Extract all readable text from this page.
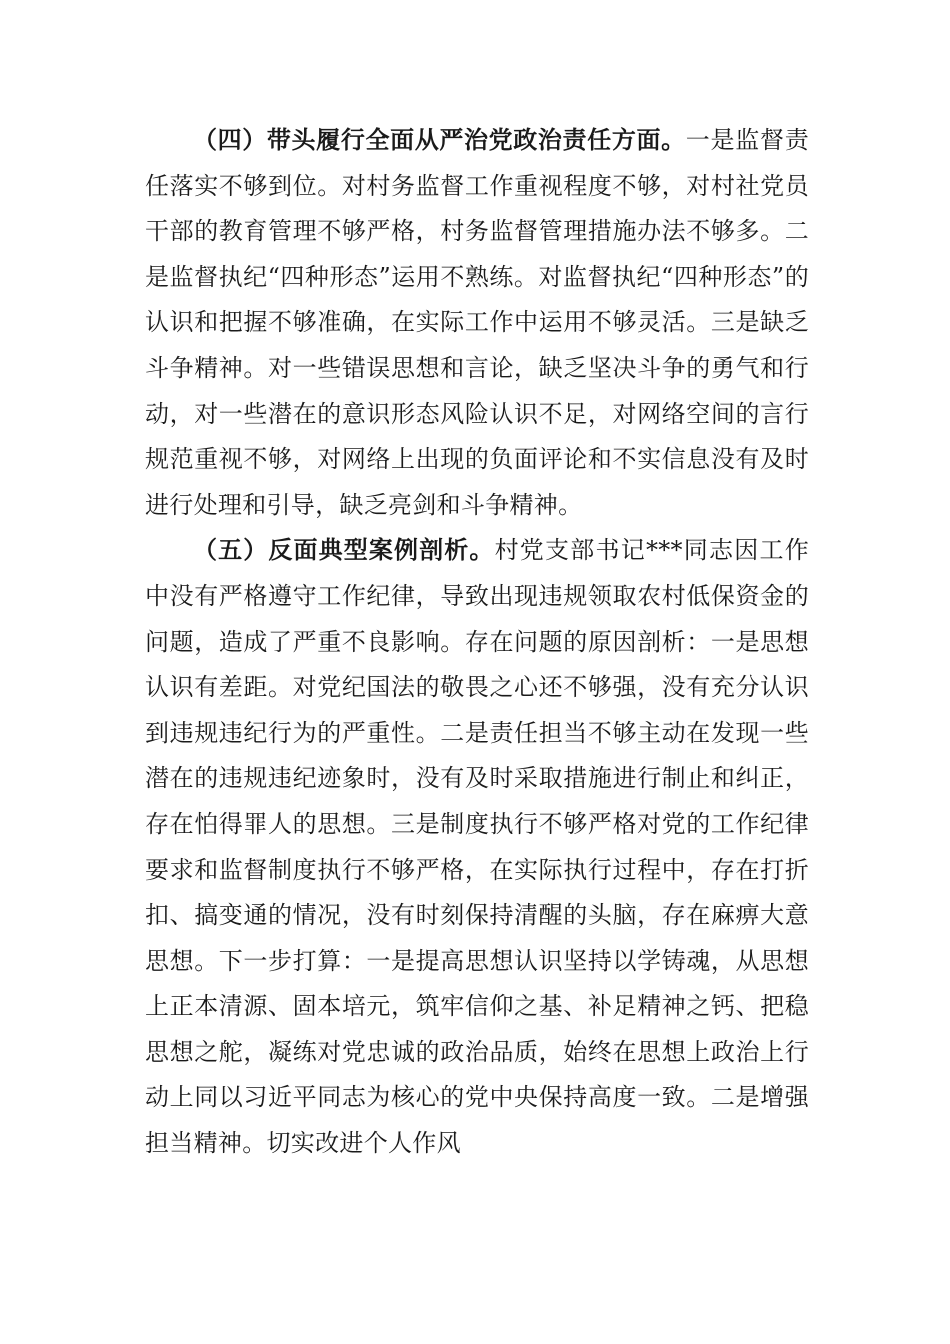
（四）带头履行全面从严治党政治责任方面。一是监督责任落实不够到位。对村务监督工作重视程度不够，对村社党员干部的教育管理不够严格，村务监督管理措施办法不够多。二是监督执纪“四种形态”运用不熟练。对监督执纪“四种形态”的认识和把握不够准确，在实际工作中运用不够灵活。三是缺乏斗争精神。对一些错误思想和言论，缺乏坚决斗争的勇气和行动，对一些潜在的意识形态风险认识不足，对网络空间的言行规范重视不够，对网络上出现的负面评论和不实信息没有及时进行处理和引导，缺乏亮剑和斗争精神。

（五）反面典型案例剖析。村党支部书记***同志因工作中没有严格遵守工作纪律，导致出现违规领取农村低保资金的问题，造成了严重不良影响。存在问题的原因剖析：一是思想认识有差距。对党纪国法的敬畏之心还不够强，没有充分认识到违规违纪行为的严重性。二是责任担当不够主动在发现一些潜在的违规违纪迹象时，没有及时采取措施进行制止和纠正，存在怕得罪人的思想。三是制度执行不够严格对党的工作纪律要求和监督制度执行不够严格，在实际执行过程中，存在打折扣、搞变通的情况，没有时刻保持清醒的头脑，存在麻痹大意思想。下一步打算：一是提高思想认识坚持以学铸魂，从思想上正本清源、固本培元，筑牢信仰之基、补足精神之钙、把稳思想之舵，凝练对党忠诚的政治品质，始终在思想上政治上行动上同以习近平同志为核心的党中央保持高度一致。二是增强担当精神。切实改进个人作风
